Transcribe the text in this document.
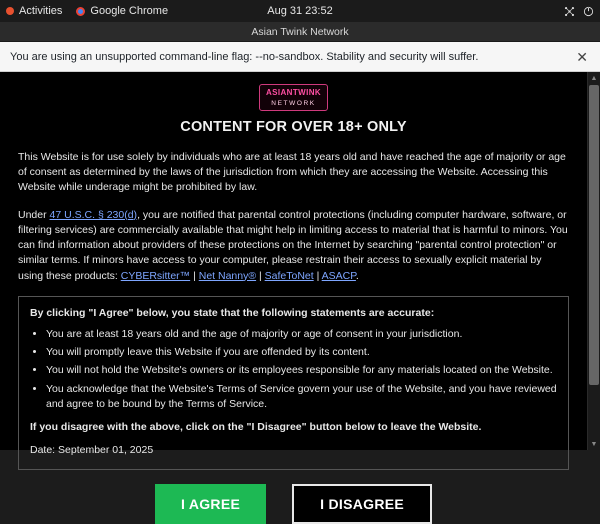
Activities	Google Chrome	Aug 31 23:52
Asian Twink Network
You are using an unsupported command-line flag: --no-sandbox. Stability and security will suffer.	✕
ASIANTWINK
NETWORK
CONTENT FOR OVER 18+ ONLY

This Website is for use solely by individuals who are at least 18 years old and have reached the age of majority or age of consent as determined by the laws of the jurisdiction from which they are accessing the Website. Accessing this Website while underage might be prohibited by law.

Under 47 U.S.C. § 230(d), you are notified that parental control protections (including computer hardware, software, or filtering services) are commercially available that might help in limiting access to material that is harmful to minors. You can find information about providers of these protections on the Internet by searching "parental control protection" or similar terms. If minors have access to your computer, please restrain their access to sexually explicit material by using these products: CYBERsitter™ | Net Nanny® | SafeToNet | ASACP.

By clicking "I Agree" below, you state that the following statements are accurate:
• You are at least 18 years old and the age of majority or age of consent in your jurisdiction.
• You will promptly leave this Website if you are offended by its content.
• You will not hold the Website's owners or its employees responsible for any materials located on the Website.
• You acknowledge that the Website's Terms of Service govern your use of the Website, and you have reviewed and agree to be bound by the Terms of Service.
If you disagree with the above, click on the "I Disagree" button below to leave the Website.
Date: September 01, 2025
I AGREE	I DISAGREE
▲
▼
